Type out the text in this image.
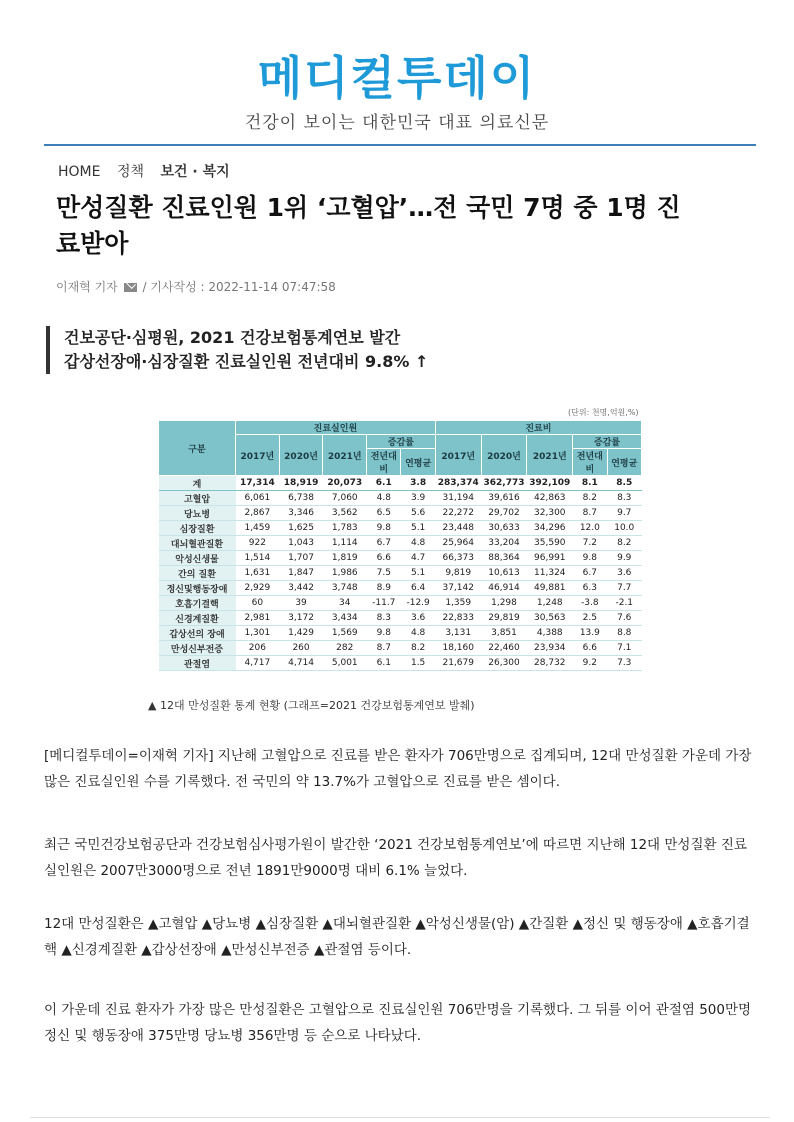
메디컬투데이
건강이 보이는 대한민국 대표 의료신문
HOME 정책 보건 · 복지
만성질환 진료인원 1위 ‘고혈압’…전 국민 7명 중 1명 진료받아
이재혁 기자 / 기사작성 : 2022-11-14 07:47:58
건보공단·심평원, 2021 건강보험통계연보 발간
갑상선장애·심장질환 진료실인원 전년대비 9.8% ↑
(단위: 천명,억원,%)
구분	진료실인원					진료비				
	2017년	2020년	2021년	증감률		2017년	2020년	2021년	증감률	
				전년대비	연평균				전년대비	연평균
계	17,314	18,919	20,073	6.1	3.8	283,374	362,773	392,109	8.1	8.5
고혈압	6,061	6,738	7,060	4.8	3.9	31,194	39,616	42,863	8.2	8.3
당뇨병	2,867	3,346	3,562	6.5	5.6	22,272	29,702	32,300	8.7	9.7
심장질환	1,459	1,625	1,783	9.8	5.1	23,448	30,633	34,296	12.0	10.0
대뇌혈관질환	922	1,043	1,114	6.7	4.8	25,964	33,204	35,590	7.2	8.2
악성신생물	1,514	1,707	1,819	6.6	4.7	66,373	88,364	96,991	9.8	9.9
간의 질환	1,631	1,847	1,986	7.5	5.1	9,819	10,613	11,324	6.7	3.6
정신및행동장애	2,929	3,442	3,748	8.9	6.4	37,142	46,914	49,881	6.3	7.7
호흡기결핵	60	39	34	-11.7	-12.9	1,359	1,298	1,248	-3.8	-2.1
신경계질환	2,981	3,172	3,434	8.3	3.6	22,833	29,819	30,563	2.5	7.6
갑상선의 장애	1,301	1,429	1,569	9.8	4.8	3,131	3,851	4,388	13.9	8.8
만성신부전증	206	260	282	8.7	8.2	18,160	22,460	23,934	6.6	7.1
관절염	4,717	4,714	5,001	6.1	1.5	21,679	26,300	28,732	9.2	7.3
▲ 12대 만성질환 통계 현황 (그래프=2021 건강보험통계연보 발췌)
[메디컬투데이=이재혁 기자] 지난해 고혈압으로 진료를 받은 환자가 706만명으로 집계되며, 12대 만성질환 가운데 가장 많은 진료실인원 수를 기록했다. 전 국민의 약 13.7%가 고혈압으로 진료를 받은 셈이다.
최근 국민건강보험공단과 건강보험심사평가원이 발간한 ‘2021 건강보험통계연보’에 따르면 지난해 12대 만성질환 진료실인원은 2007만3000명으로 전년 1891만9000명 대비 6.1% 늘었다.
12대 만성질환은 ▲고혈압 ▲당뇨병 ▲심장질환 ▲대뇌혈관질환 ▲악성신생물(암) ▲간질환 ▲정신 및 행동장애 ▲호흡기결핵 ▲신경계질환 ▲갑상선장애 ▲만성신부전증 ▲관절염 등이다.
이 가운데 진료 환자가 가장 많은 만성질환은 고혈압으로 진료실인원 706만명을 기록했다. 그 뒤를 이어 관절염 500만명 정신 및 행동장애 375만명 당뇨병 356만명 등 순으로 나타났다.
